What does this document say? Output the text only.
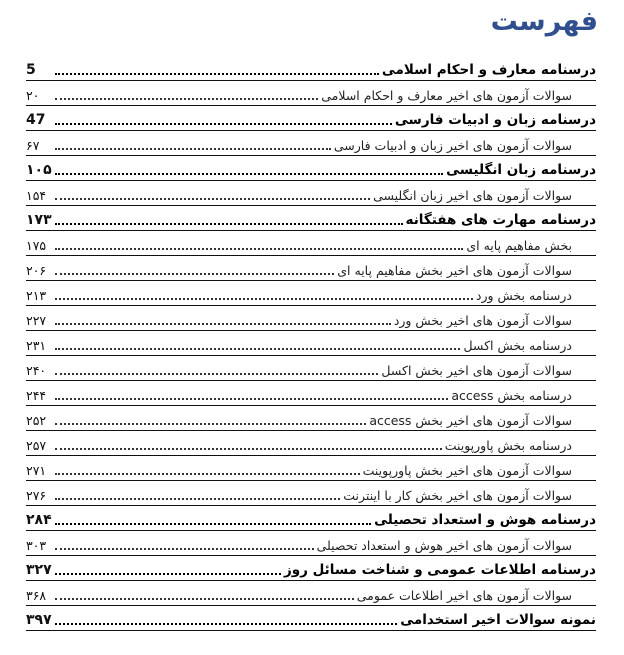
فهرست
درسنامه معارف و احکام اسلامی
5
سوالات آزمون های اخیر معارف و احکام اسلامی
۲۰
درسنامه زبان و ادبیات فارسی
47
سوالات آزمون های اخیر زبان و ادبیات فارسی
۶۷
درسنامه زبان انگلیسی
۱۰۵
سوالات آزمون های اخیر زبان انگلیسی
۱۵۴
درسنامه مهارت های هفتگانه
۱۷۳
بخش مفاهیم پایه ای
۱۷۵
سوالات آزمون های اخیر بخش مفاهیم پایه ای
۲۰۶
درسنامه بخش ورد
۲۱۳
سوالات آزمون های اخیر بخش ورد
۲۲۷
درسنامه بخش اکسل
۲۳۱
سوالات آزمون های اخیر بخش اکسل
۲۴۰
درسنامه بخش access
۲۴۴
سوالات آزمون های اخیر بخش access
۲۵۲
درسنامه بخش پاورپوینت
۲۵۷
سوالات آزمون های اخیر بخش پاورپوینت
۲۷۱
سوالات آزمون های اخیر بخش کار با اینترنت
۲۷۶
درسنامه هوش و استعداد تحصیلی
۲۸۴
سوالات آزمون های اخیر هوش و استعداد تحصیلی
۳۰۳
درسنامه اطلاعات عمومی و شناخت مسائل روز
۳۲۷
سوالات آزمون های اخیر اطلاعات عمومی
۳۶۸
نمونه سوالات اخیر استخدامی
۳۹۷
